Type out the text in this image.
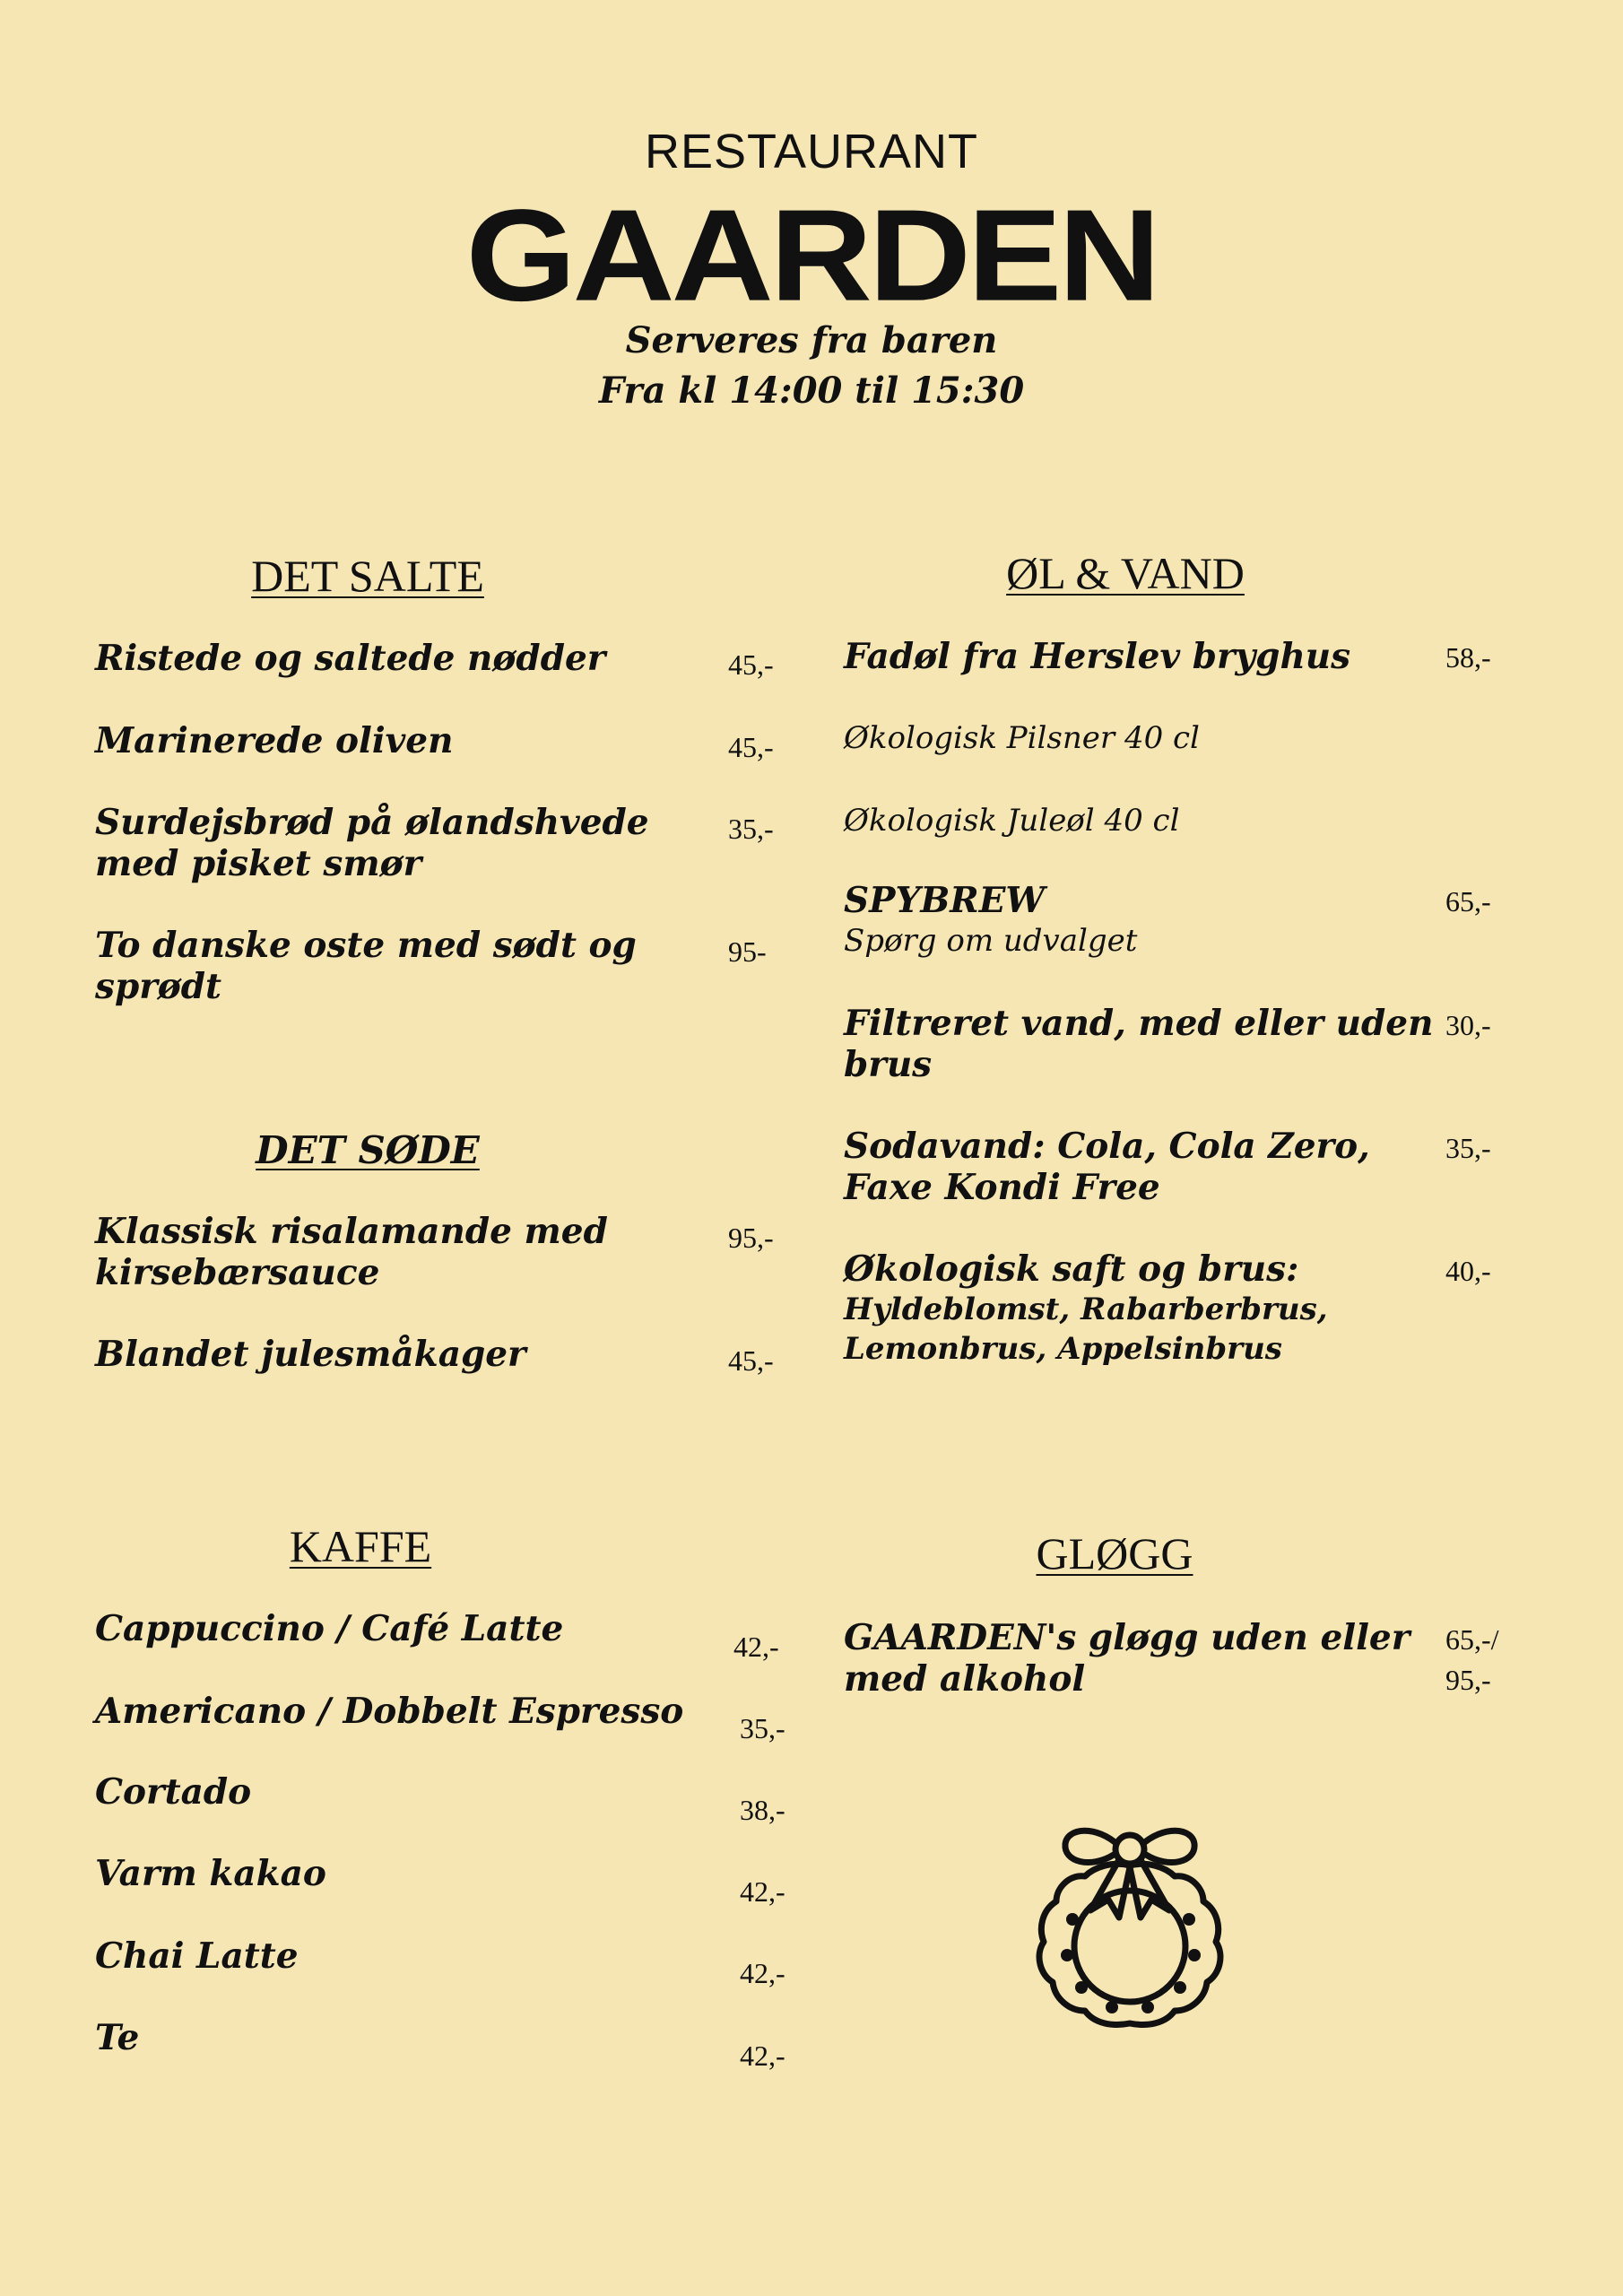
RESTAURANT
GAARDEN
Serveres fra baren
Fra kl 14:00 til 15:30
DET SALTE
Ristede og saltede nødder	45,-
Marinerede oliven	45,-
Surdejsbrød på ølandshvede
med pisket smør
35,-
To danske oste med sødt og
sprødt
95-
DET SØDE
Klassisk risalamande med
kirsebærsauce
95,-
Blandet julesmåkager	45,-
KAFFE
Cappuccino / Café Latte	42,-
Americano / Dobbelt Espresso 35,-
Cortado	38,-
Varm kakao	42,-
Chai Latte	42,-
Te	42,-
ØL & VAND
Fadøl fra Herslev bryghus	58,-
Økologisk Pilsner 40 cl
Økologisk Juleøl 40 cl
SPYBREW
Spørg om udvalget
65,-
Filtreret vand, med eller uden
brus
30,-
Sodavand: Cola, Cola Zero,
Faxe Kondi Free
35,-
Økologisk saft og brus:
Hyldeblomst, Rabarberbrus,
Lemonbrus, Appelsinbrus
40,-
GLØGG
GAARDEN's gløgg uden eller
med alkohol
65,-/
95,-
